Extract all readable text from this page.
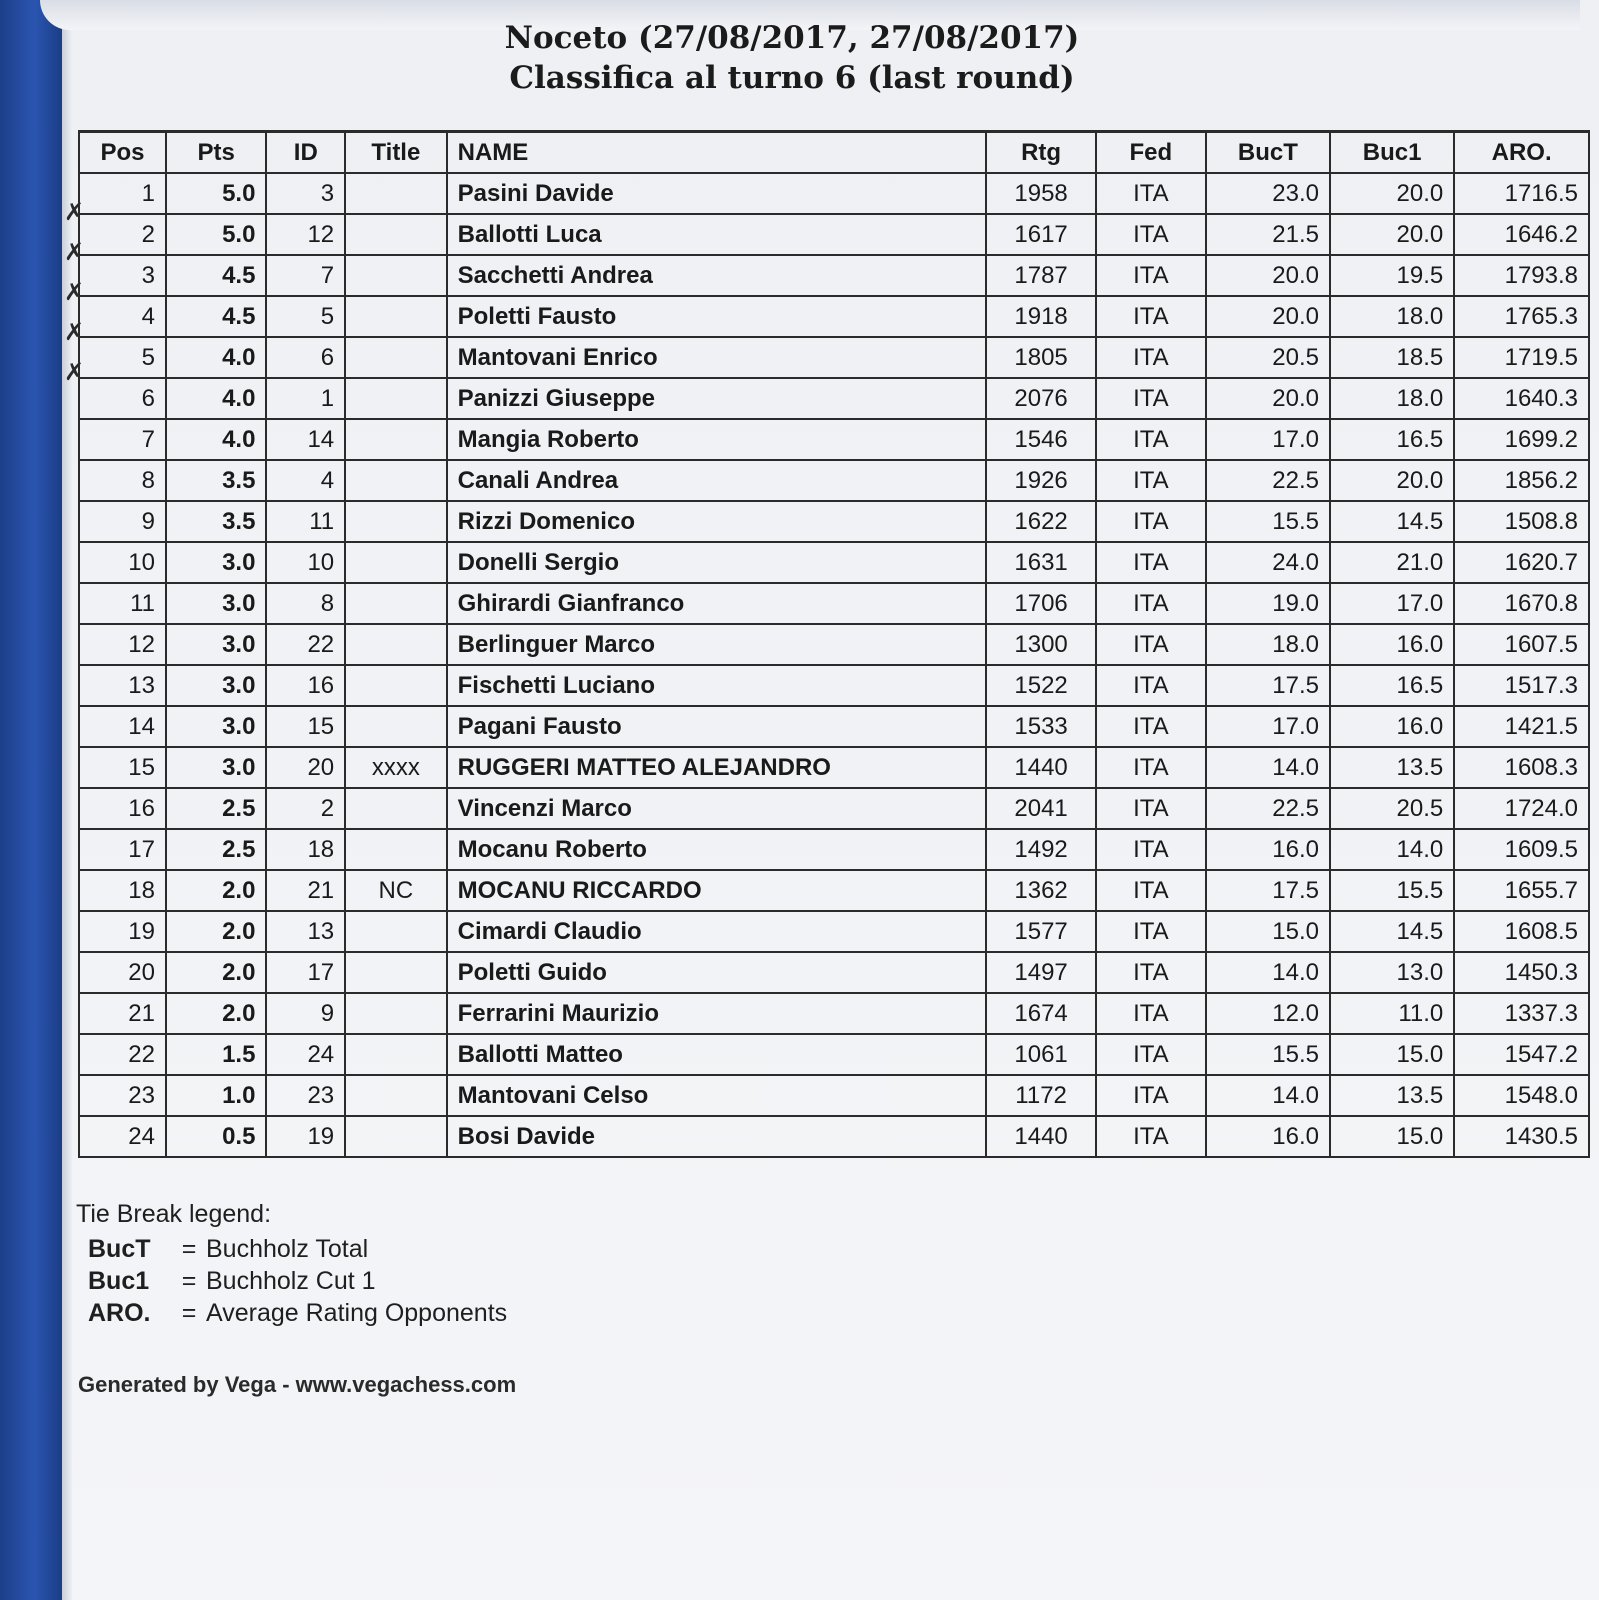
Noceto (27/08/2017, 27/08/2017)
Classifica al turno 6 (last round)
✗
✗
✗
✗
✗
Pos	Pts	ID	Title	NAME	Rtg	Fed	BucT	Buc1	ARO.
1	5.0	3		Pasini Davide	1958	ITA	23.0	20.0	1716.5
2	5.0	12		Ballotti Luca	1617	ITA	21.5	20.0	1646.2
3	4.5	7		Sacchetti Andrea	1787	ITA	20.0	19.5	1793.8
4	4.5	5		Poletti Fausto	1918	ITA	20.0	18.0	1765.3
5	4.0	6		Mantovani Enrico	1805	ITA	20.5	18.5	1719.5
6	4.0	1		Panizzi Giuseppe	2076	ITA	20.0	18.0	1640.3
7	4.0	14		Mangia Roberto	1546	ITA	17.0	16.5	1699.2
8	3.5	4		Canali Andrea	1926	ITA	22.5	20.0	1856.2
9	3.5	11		Rizzi Domenico	1622	ITA	15.5	14.5	1508.8
10	3.0	10		Donelli Sergio	1631	ITA	24.0	21.0	1620.7
11	3.0	8		Ghirardi Gianfranco	1706	ITA	19.0	17.0	1670.8
12	3.0	22		Berlinguer Marco	1300	ITA	18.0	16.0	1607.5
13	3.0	16		Fischetti Luciano	1522	ITA	17.5	16.5	1517.3
14	3.0	15		Pagani Fausto	1533	ITA	17.0	16.0	1421.5
15	3.0	20	xxxx	RUGGERI MATTEO ALEJANDRO	1440	ITA	14.0	13.5	1608.3
16	2.5	2		Vincenzi Marco	2041	ITA	22.5	20.5	1724.0
17	2.5	18		Mocanu Roberto	1492	ITA	16.0	14.0	1609.5
18	2.0	21	NC	MOCANU RICCARDO	1362	ITA	17.5	15.5	1655.7
19	2.0	13		Cimardi Claudio	1577	ITA	15.0	14.5	1608.5
20	2.0	17		Poletti Guido	1497	ITA	14.0	13.0	1450.3
21	2.0	9		Ferrarini Maurizio	1674	ITA	12.0	11.0	1337.3
22	1.5	24		Ballotti Matteo	1061	ITA	15.5	15.0	1547.2
23	1.0	23		Mantovani Celso	1172	ITA	14.0	13.5	1548.0
24	0.5	19		Bosi Davide	1440	ITA	16.0	15.0	1430.5
Tie Break legend:
BucT	= Buchholz Total
Buc1	= Buchholz Cut 1
ARO.	= Average Rating Opponents
Generated by Vega - www.vegachess.com
